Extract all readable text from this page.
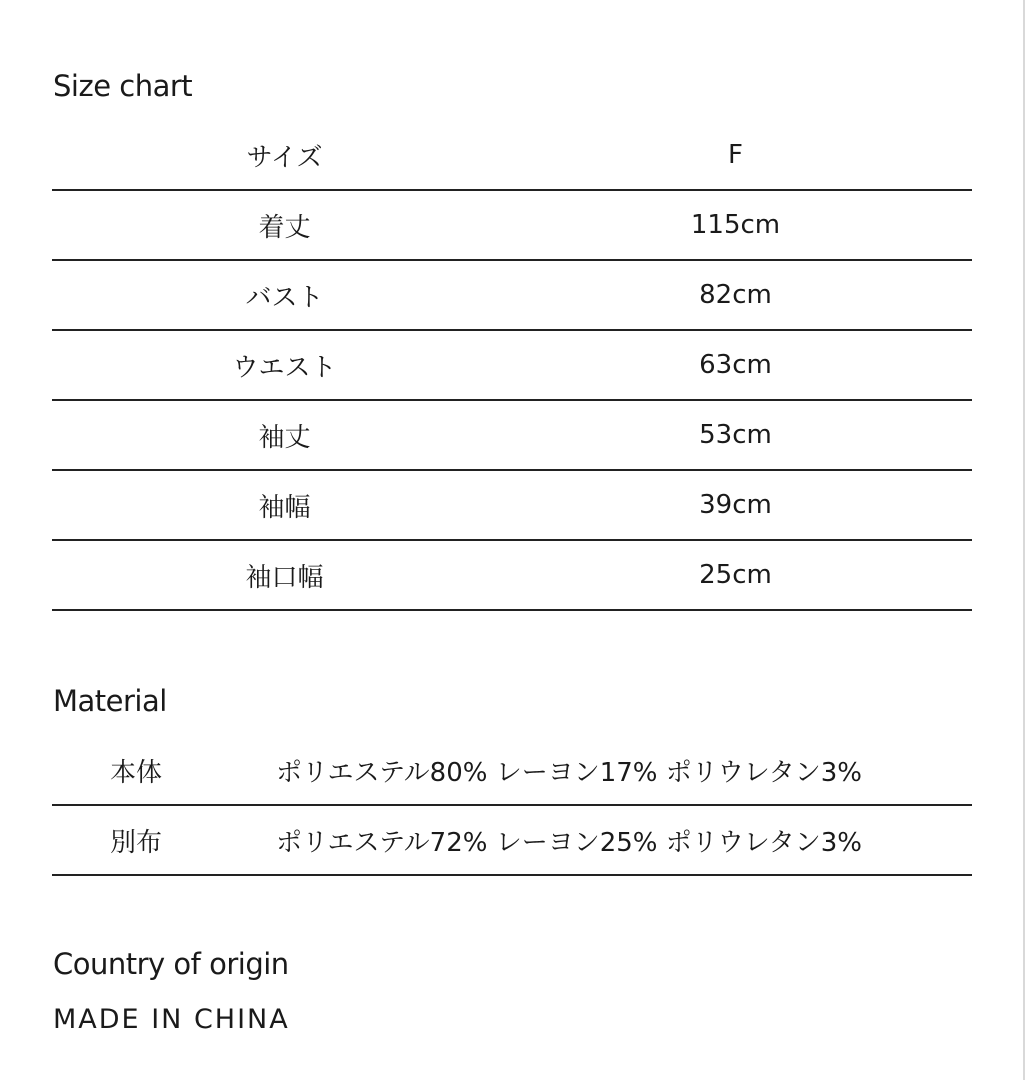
Size chart
サイズ	F
着丈	115cm
バスト	82cm
ウエスト	63cm
袖丈	53cm
袖幅	39cm
袖口幅	25cm
Material
本体	ポリエステル80% レーヨン17% ポリウレタン3%
別布	ポリエステル72% レーヨン25% ポリウレタン3%
Country of origin
MADE IN CHINA
